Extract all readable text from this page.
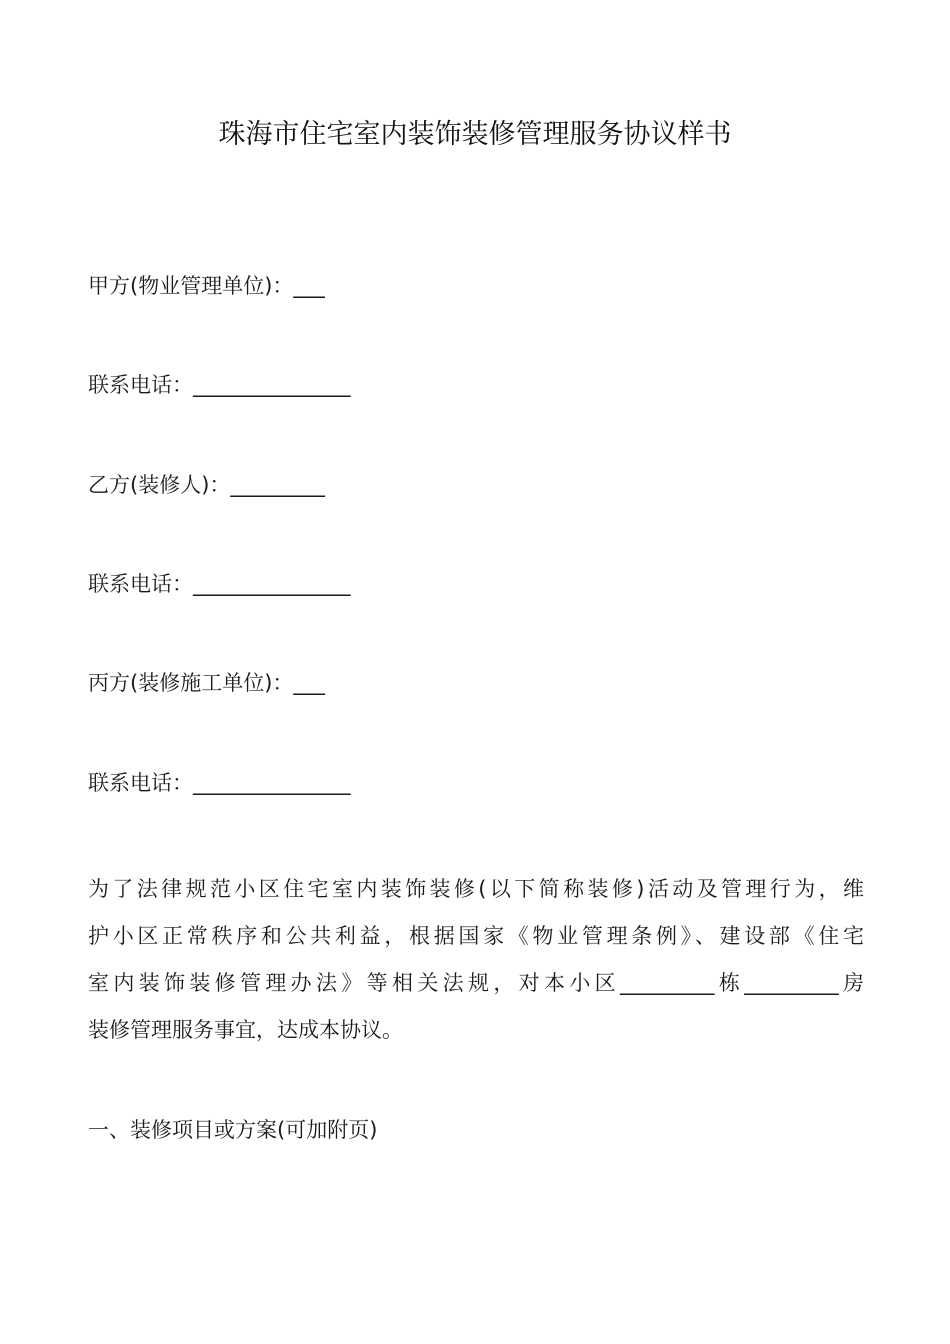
珠海市住宅室内装饰装修管理服务协议样书
甲方(物业管理单位)：___
联系电话：_______________
乙方(装修人)：_________
联系电话：_______________
丙方(装修施工单位)：___
联系电话：_______________
为了法律规范小区住宅室内装饰装修(以下简称装修)活动及管理行为，维
护小区正常秩序和公共利益，根据国家《物业管理条例》、建设部《住宅
室内装饰装修管理办法》等相关法规，对本小区_________栋_________房
装修管理服务事宜，达成本协议。
一、装修项目或方案(可加附页)
